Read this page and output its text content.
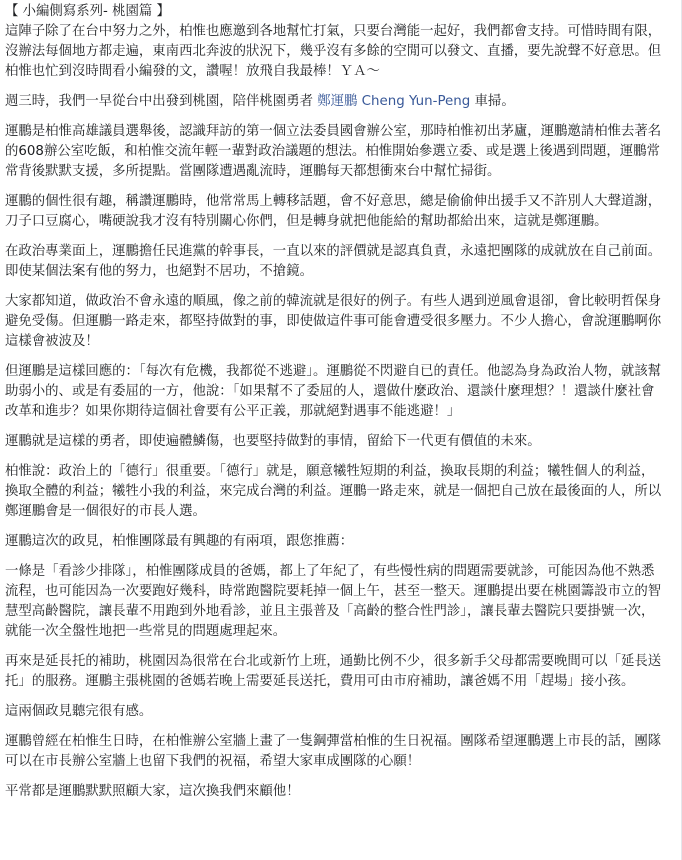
【 小編側寫系列- 桃園篇 】
這陣子除了在台中努力之外，柏惟也應邀到各地幫忙打氣，只要台灣能一起好，我們都會支持。可惜時間有限，沒辦法每個地方都走遍，東南西北奔波的狀況下，幾乎沒有多餘的空閒可以發文、直播，要先說聲不好意思。但柏惟也忙到沒時間看小編發的文，讚喔！放飛自我最棒！ＹＡ～
週三時，我們一早從台中出發到桃園，陪伴桃園勇者 鄭運鵬 Cheng Yun-Peng 車掃。
運鵬是柏惟高雄議員選舉後，認識拜訪的第一個立法委員國會辦公室，那時柏惟初出茅廬，運鵬邀請柏惟去著名的608辦公室吃飯，和柏惟交流年輕一輩對政治議題的想法。柏惟開始參選立委、或是選上後遇到問題，運鵬常常背後默默支援，多所提點。當團隊遭遇亂流時，運鵬每天都想衝來台中幫忙掃街。
運鵬的個性很有趣，稱讚運鵬時，他常常馬上轉移話題，會不好意思，總是偷偷伸出援手又不許別人大聲道謝，刀子口豆腐心，嘴硬說我才沒有特別關心你們，但是轉身就把他能給的幫助都給出來，這就是鄭運鵬。
在政治專業面上，運鵬擔任民進黨的幹事長，一直以來的評價就是認真負責，永遠把團隊的成就放在自己前面。即使某個法案有他的努力，也絕對不居功，不搶鏡。
大家都知道，做政治不會永遠的順風，像之前的韓流就是很好的例子。有些人遇到逆風會退卻，會比較明哲保身避免受傷。但運鵬一路走來，都堅持做對的事，即使做這件事可能會遭受很多壓力。不少人擔心，會說運鵬啊你這樣會被波及！
但運鵬是這樣回應的：「每次有危機，我都從不逃避」。運鵬從不閃避自已的責任。他認為身為政治人物，就該幫助弱小的、或是有委屈的一方，他說：「如果幫不了委屈的人，還做什麼政治、還談什麼理想？！還談什麼社會改革和進步？如果你期待這個社會要有公平正義，那就絕對遇事不能逃避！」
運鵬就是這樣的勇者，即使遍體鱗傷，也要堅持做對的事情，留給下一代更有價值的未來。
柏惟說：政治上的「德行」很重要。「德行」就是，願意犧牲短期的利益，換取長期的利益；犧牲個人的利益，換取全體的利益；犧牲小我的利益，來完成台灣的利益。運鵬一路走來，就是一個把自己放在最後面的人，所以鄭運鵬會是一個很好的市長人選。
運鵬這次的政見，柏惟團隊最有興趣的有兩項，跟您推薦：
一條是「看診少排隊」，柏惟團隊成員的爸媽，都上了年紀了，有些慢性病的問題需要就診，可能因為他不熟悉流程，也可能因為一次要跑好幾科，時常跑醫院要耗掉一個上午，甚至一整天。運鵬提出要在桃園籌設市立的智慧型高齡醫院，讓長輩不用跑到外地看診，並且主張普及「高齡的整合性門診」，讓長輩去醫院只要掛號一次，就能一次全盤性地把一些常見的問題處理起來。
再來是延長托的補助，桃園因為很常在台北或新竹上班，通勤比例不少，很多新手父母都需要晚間可以「延長送托」的服務。運鵬主張桃園的爸媽若晚上需要延長送托，費用可由市府補助，讓爸媽不用「趕場」接小孩。
這兩個政見聽完很有感。
運鵬曾經在柏惟生日時，在柏惟辦公室牆上畫了一隻鋼彈當柏惟的生日祝福。團隊希望運鵬選上市長的話，團隊可以在市長辦公室牆上也留下我們的祝福，希望大家車成團隊的心願！
平常都是運鵬默默照顧大家，這次換我們來顧他！
